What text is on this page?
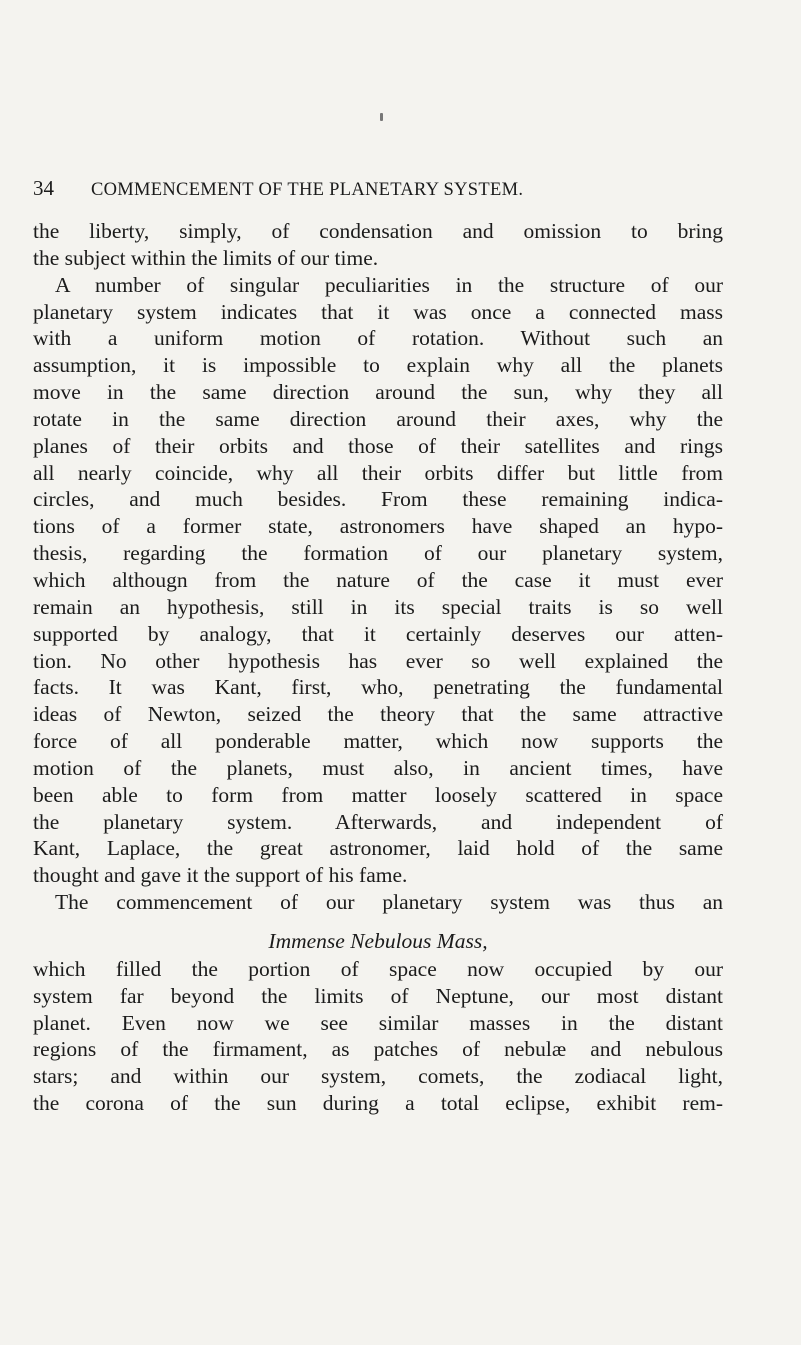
34 COMMENCEMENT OF THE PLANETARY SYSTEM.
the liberty, simply, of condensation and omission to bring
the subject within the limits of our time.
A number of singular peculiarities in the structure of our
planetary system indicates that it was once a connected mass
with a uniform motion of rotation. Without such an
assumption, it is impossible to explain why all the planets
move in the same direction around the sun, why they all
rotate in the same direction around their axes, why the
planes of their orbits and those of their satellites and rings
all nearly coincide, why all their orbits differ but little from
circles, and much besides. From these remaining indica-
tions of a former state, astronomers have shaped an hypo-
thesis, regarding the formation of our planetary system,
which althougn from the nature of the case it must ever
remain an hypothesis, still in its special traits is so well
supported by analogy, that it certainly deserves our atten-
tion. No other hypothesis has ever so well explained the
facts. It was Kant, first, who, penetrating the fundamental
ideas of Newton, seized the theory that the same attractive
force of all ponderable matter, which now supports the
motion of the planets, must also, in ancient times, have
been able to form from matter loosely scattered in space
the planetary system. Afterwards, and independent of
Kant, Laplace, the great astronomer, laid hold of the same
thought and gave it the support of his fame.
The commencement of our planetary system was thus an
Immense Nebulous Mass,
which filled the portion of space now occupied by our
system far beyond the limits of Neptune, our most distant
planet. Even now we see similar masses in the distant
regions of the firmament, as patches of nebulæ and nebulous
stars; and within our system, comets, the zodiacal light,
the corona of the sun during a total eclipse, exhibit rem-
